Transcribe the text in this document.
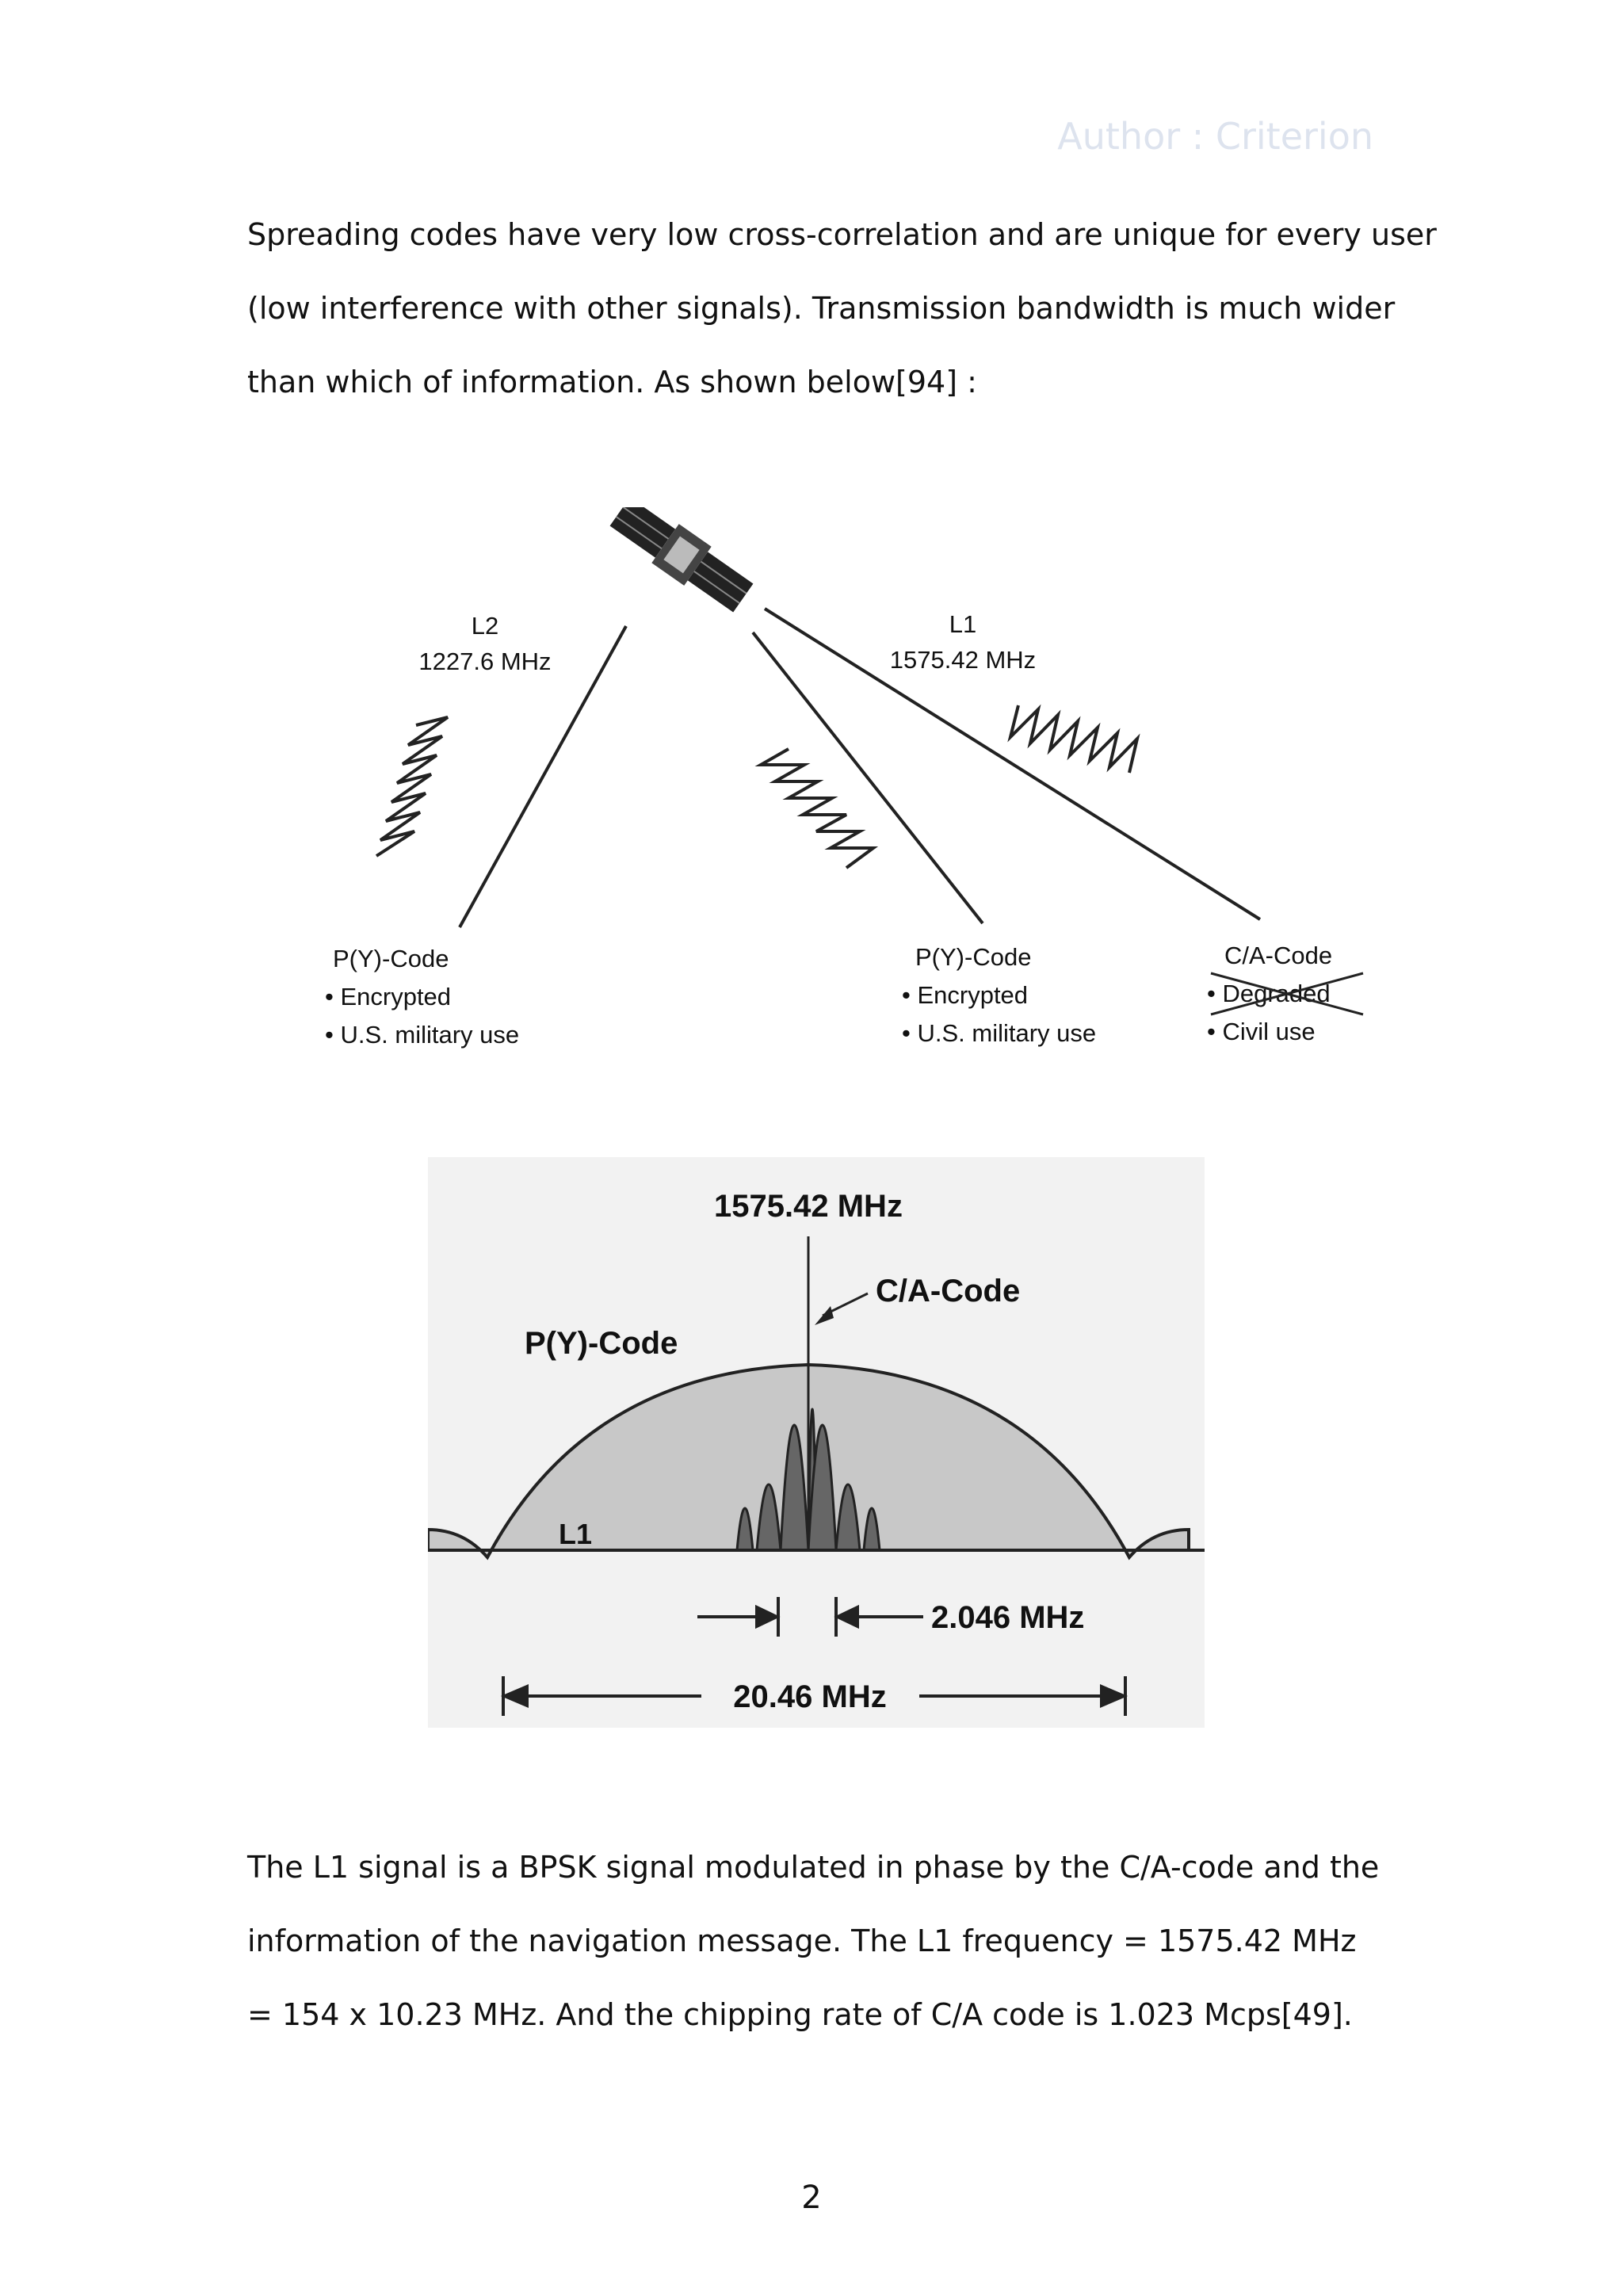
Author : Criterion
Spreading codes have very low cross-correlation and are unique for every user
(low interference with other signals). Transmission bandwidth is much wider
than which of information. As shown below[94] :
L2
1227.6 MHz
L1
1575.42 MHz
P(Y)-Code
• Encrypted
• U.S. military use
P(Y)-Code
• Encrypted
• U.S. military use
C/A-Code
• Degraded
• Civil use
1575.42 MHz
C/A-Code
P(Y)-Code
L1
2.046 MHz
20.46 MHz
The L1 signal is a BPSK signal modulated in phase by the C/A-code and the
information of the navigation message. The L1 frequency = 1575.42 MHz
= 154 x 10.23 MHz. And the chipping rate of C/A code is 1.023 Mcps[49].
2
